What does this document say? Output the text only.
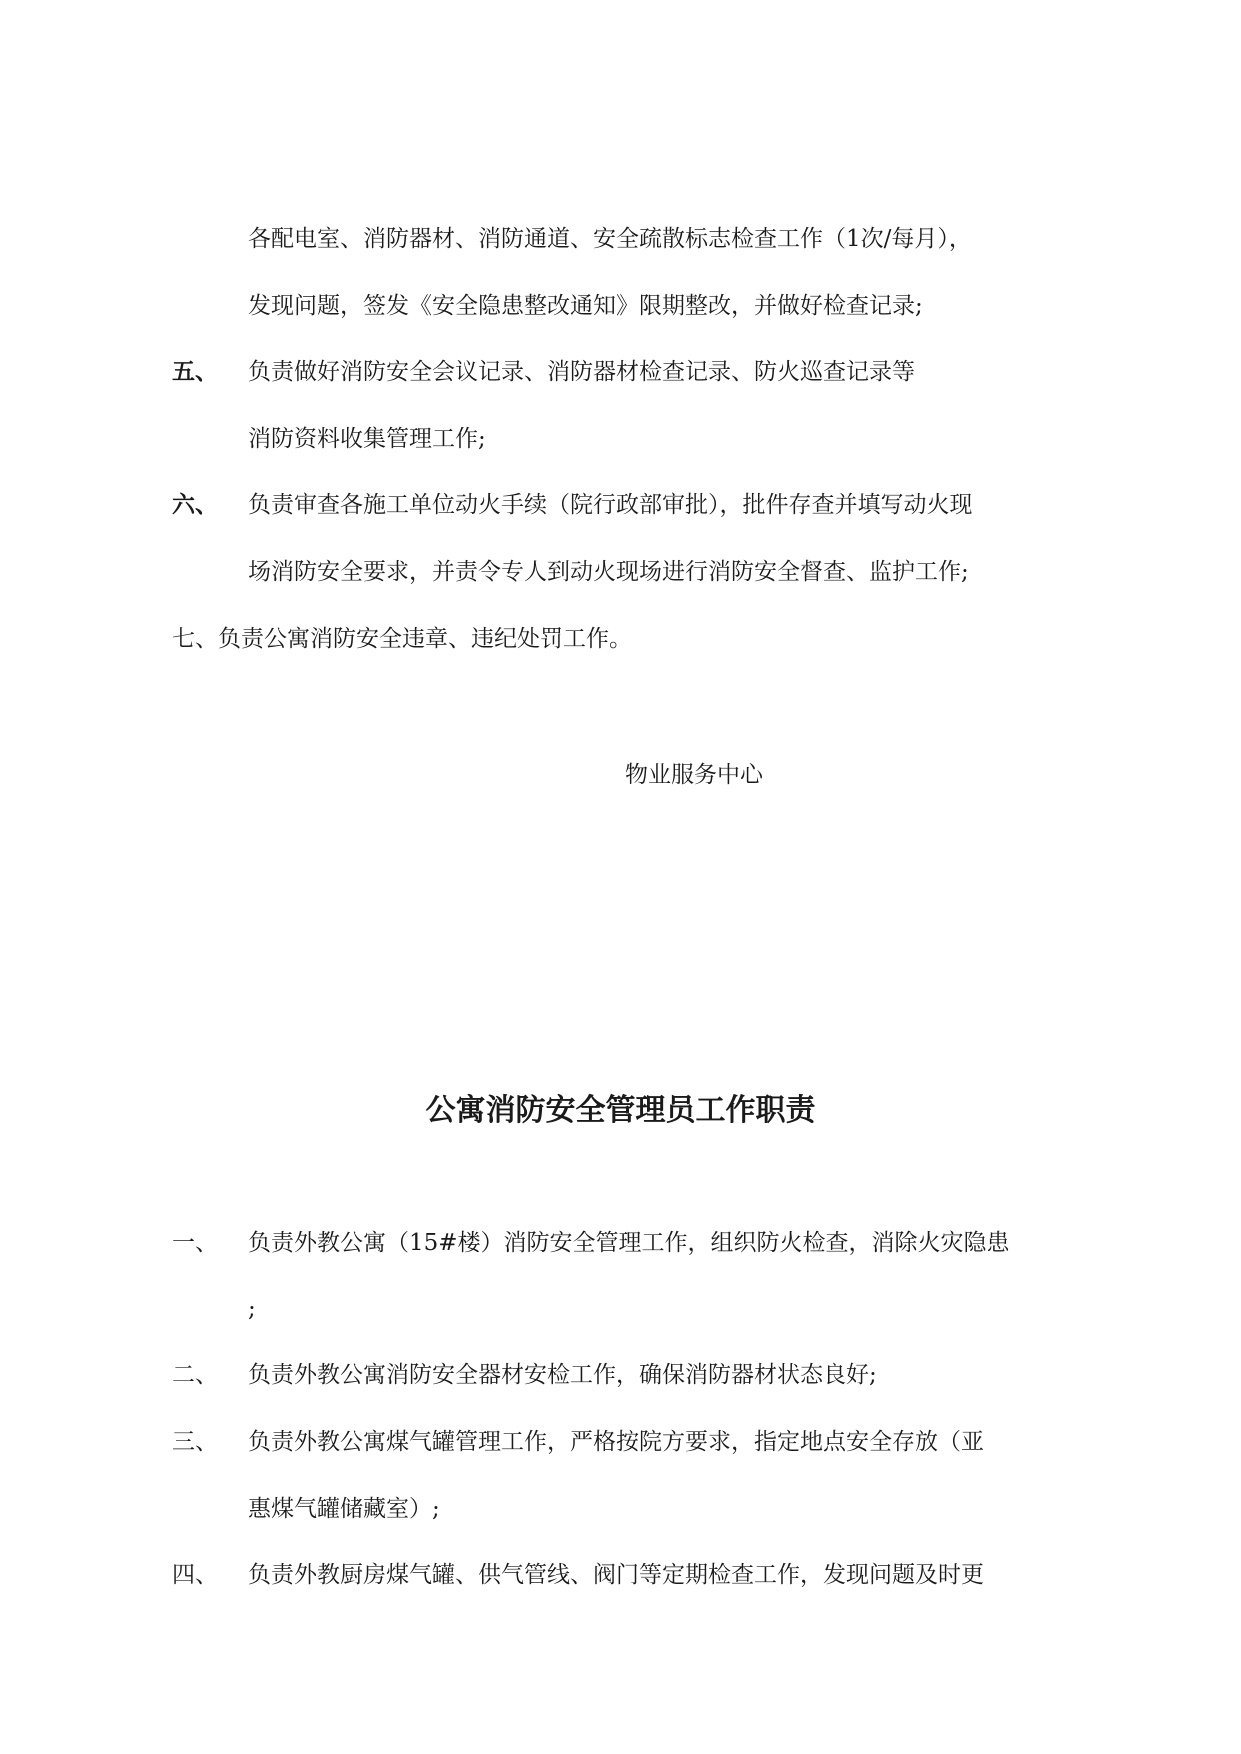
各配电室、消防器材、消防通道、安全疏散标志检查工作（1次/每月），
发现问题，签发《安全隐患整改通知》限期整改，并做好检查记录;
五、 负责做好消防安全会议记录、消防器材检查记录、防火巡查记录等
消防资料收集管理工作;
六、 负责审查各施工单位动火手续（院行政部审批），批件存查并填写动火现
场消防安全要求，并责令专人到动火现场进行消防安全督查、监护工作;
七、负责公寓消防安全违章、违纪处罚工作。
物业服务中心
公寓消防安全管理员工作职责
一、 负责外教公寓（15#楼）消防安全管理工作，组织防火检查，消除火灾隐患
;
二、 负责外教公寓消防安全器材安检工作，确保消防器材状态良好;
三、 负责外教公寓煤气罐管理工作，严格按院方要求，指定地点安全存放（亚
惠煤气罐储藏室）;
四、 负责外教厨房煤气罐、供气管线、阀门等定期检查工作，发现问题及时更
